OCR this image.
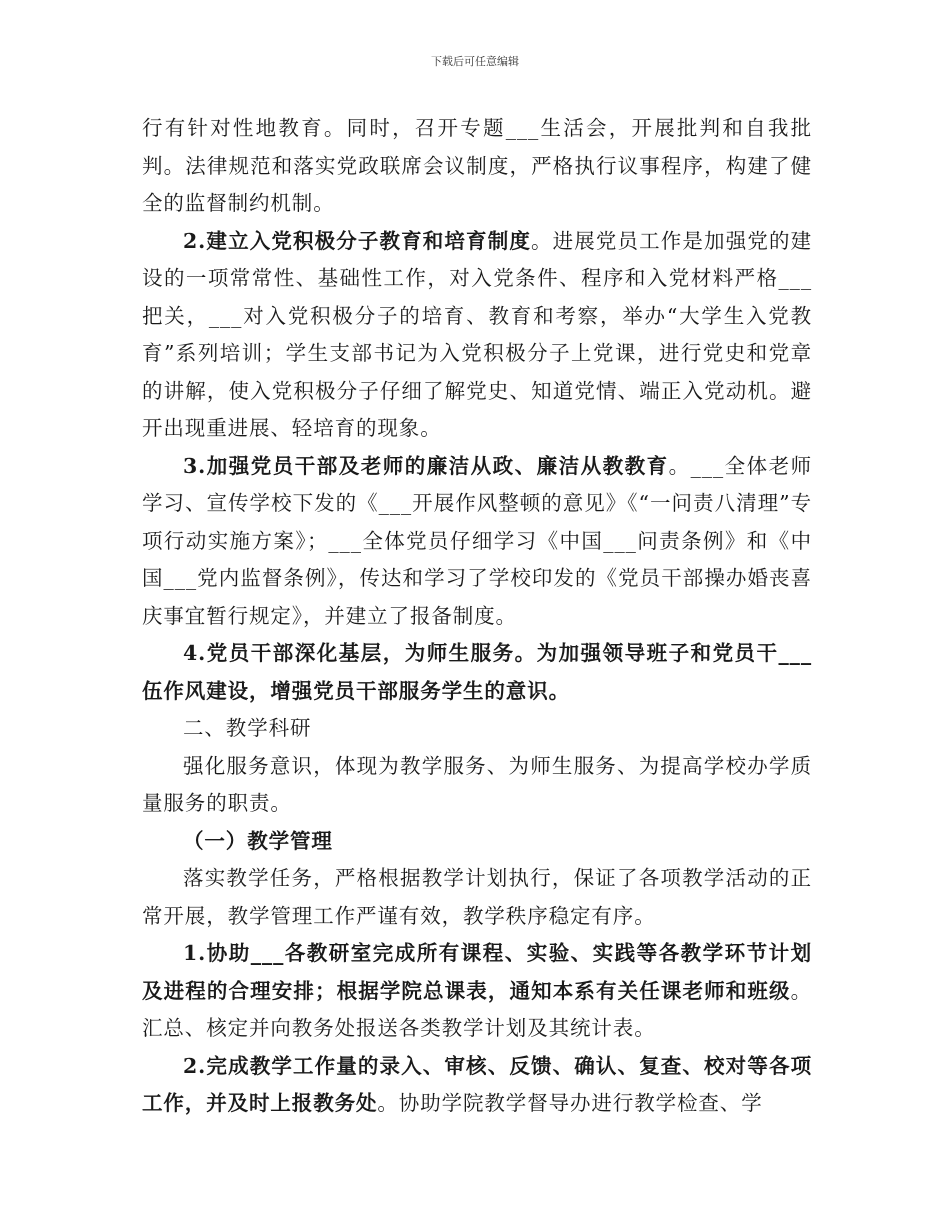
下载后可任意编辑

行有针对性地教育。同时，召开专题___生活会，开展批判和自我批判。法律规范和落实党政联席会议制度，严格执行议事程序，构建了健全的监督制约机制。

2.建立入党积极分子教育和培育制度。进展党员工作是加强党的建设的一项常常性、基础性工作，对入党条件、程序和入党材料严格___把关，___对入党积极分子的培育、教育和考察，举办“大学生入党教育”系列培训；学生支部书记为入党积极分子上党课，进行党史和党章的讲解，使入党积极分子仔细了解党史、知道党情、端正入党动机。避开出现重进展、轻培育的现象。

3.加强党员干部及老师的廉洁从政、廉洁从教教育。___全体老师学习、宣传学校下发的《___开展作风整顿的意见》《“一问责八清理”专项行动实施方案》；___全体党员仔细学习《中国___问责条例》和《中国___党内监督条例》，传达和学习了学校印发的《党员干部操办婚丧喜庆事宜暂行规定》，并建立了报备制度。

4.党员干部深化基层，为师生服务。为加强领导班子和党员干___伍作风建设，增强党员干部服务学生的意识。

二、教学科研

强化服务意识，体现为教学服务、为师生服务、为提高学校办学质量服务的职责。

（一）教学管理

落实教学任务，严格根据教学计划执行，保证了各项教学活动的正常开展，教学管理工作严谨有效，教学秩序稳定有序。

1.协助___各教研室完成所有课程、实验、实践等各教学环节计划及进程的合理安排；根据学院总课表，通知本系有关任课老师和班级。汇总、核定并向教务处报送各类教学计划及其统计表。

2.完成教学工作量的录入、审核、反馈、确认、复查、校对等各项工作，并及时上报教务处。协助学院教学督导办进行教学检查、学
